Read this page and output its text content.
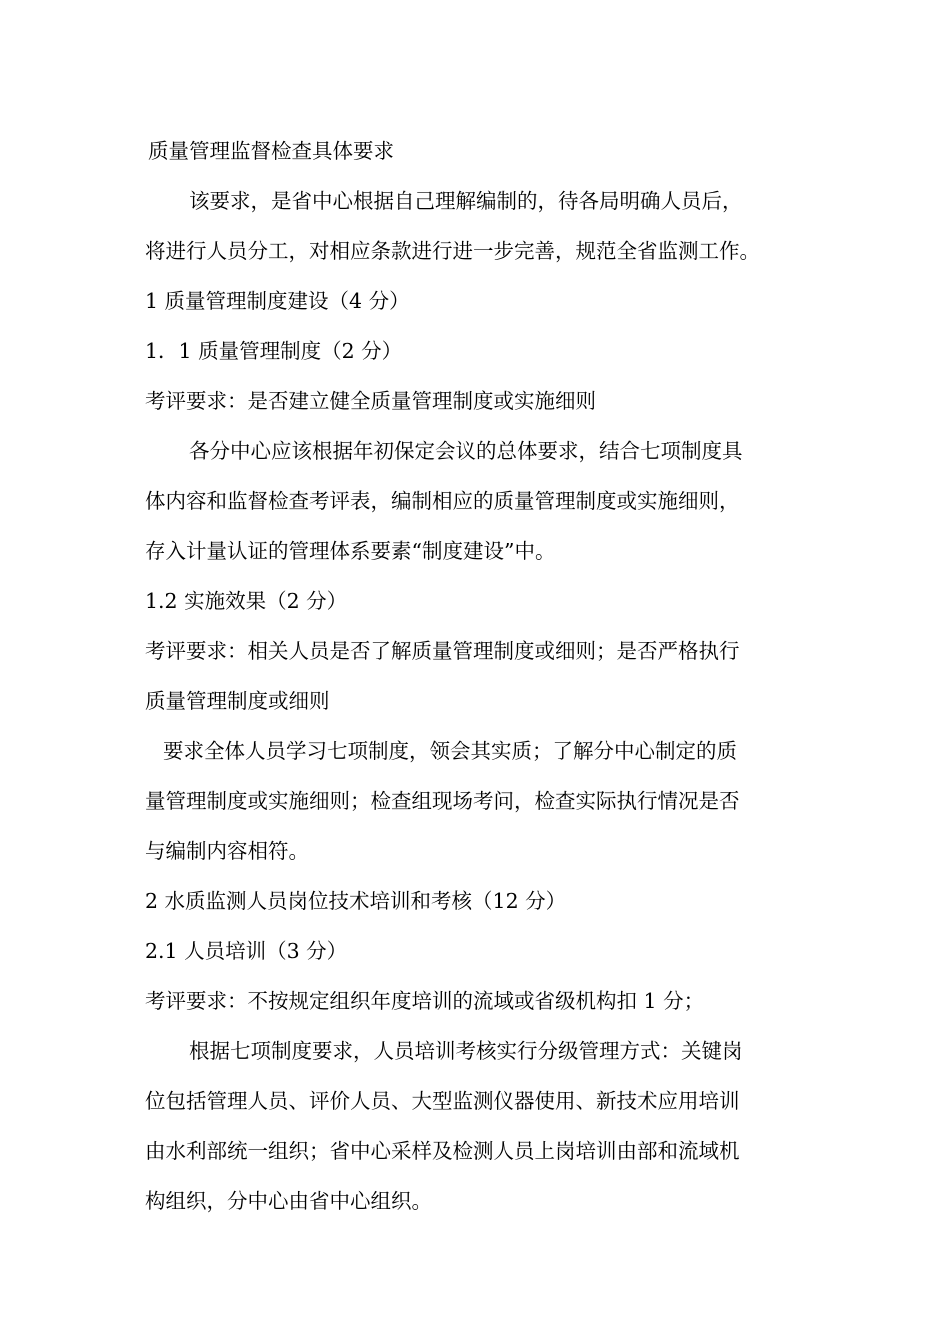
质量管理监督检查具体要求
该要求，是省中心根据自己理解编制的，待各局明确人员后，
将进行人员分工，对相应条款进行进一步完善，规范全省监测工作。
1 质量管理制度建设（4 分）
1．1 质量管理制度（2 分）
考评要求：是否建立健全质量管理制度或实施细则
各分中心应该根据年初保定会议的总体要求，结合七项制度具
体内容和监督检查考评表，编制相应的质量管理制度或实施细则，
存入计量认证的管理体系要素“制度建设”中。
1.2 实施效果（2 分）
考评要求：相关人员是否了解质量管理制度或细则；是否严格执行
质量管理制度或细则
要求全体人员学习七项制度，领会其实质；了解分中心制定的质
量管理制度或实施细则；检查组现场考问，检查实际执行情况是否
与编制内容相符。
2 水质监测人员岗位技术培训和考核（12 分）
2.1 人员培训（3 分）
考评要求：不按规定组织年度培训的流域或省级机构扣 1 分；
根据七项制度要求，人员培训考核实行分级管理方式：关键岗
位包括管理人员、评价人员、大型监测仪器使用、新技术应用培训
由水利部统一组织；省中心采样及检测人员上岗培训由部和流域机
构组织，分中心由省中心组织。
